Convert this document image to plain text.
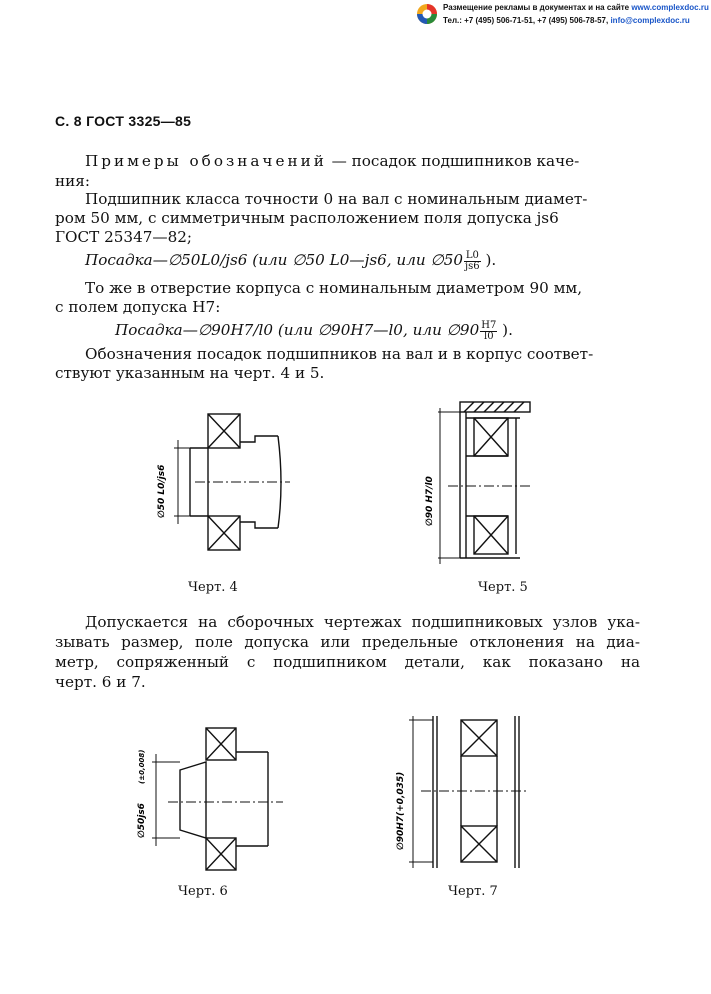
Размещение рекламы в документах и на сайте www.complexdoc.ru
Тел.: +7 (495) 506-71-51, +7 (495) 506-78-57, info@complexdoc.ru
С. 8 ГОСТ 3325—85
Примеры обозначений — посадок подшипников каче-
ния:
Подшипник класса точности 0 на вал с номинальным диамет-
ром 50 мм, с симметричным расположением поля допуска js6
ГОСТ 25347—82;
Посадка—∅50L0/js6 (или ∅50 L0—js6, или ∅50 $\frac{L0}{js6}$ ).
То же в отверстие корпуса с номинальным диаметром 90 мм,
с полем допуска Н7:
Посадка—∅90Н7/l0 (или ∅90Н7—l0, или ∅90 $\frac{Н7}{l0}$ ).
Обозначения посадок подшипников на вал и в корпус соответ-
ствуют указанным на черт. 4 и 5.
∅50 L0/js6
Черт. 4
∅90 Н7/l0
Черт. 5
Допускается на сборочных чертежах подшипниковых узлов ука-
зывать размер, поле допуска или предельные отклонения на диа-
метр, сопряженный с подшипником детали, как показано на
черт. 6 и 7.
∅50js6
(±0,008)
Черт. 6
∅90Н7(+0,035)
Черт. 7
